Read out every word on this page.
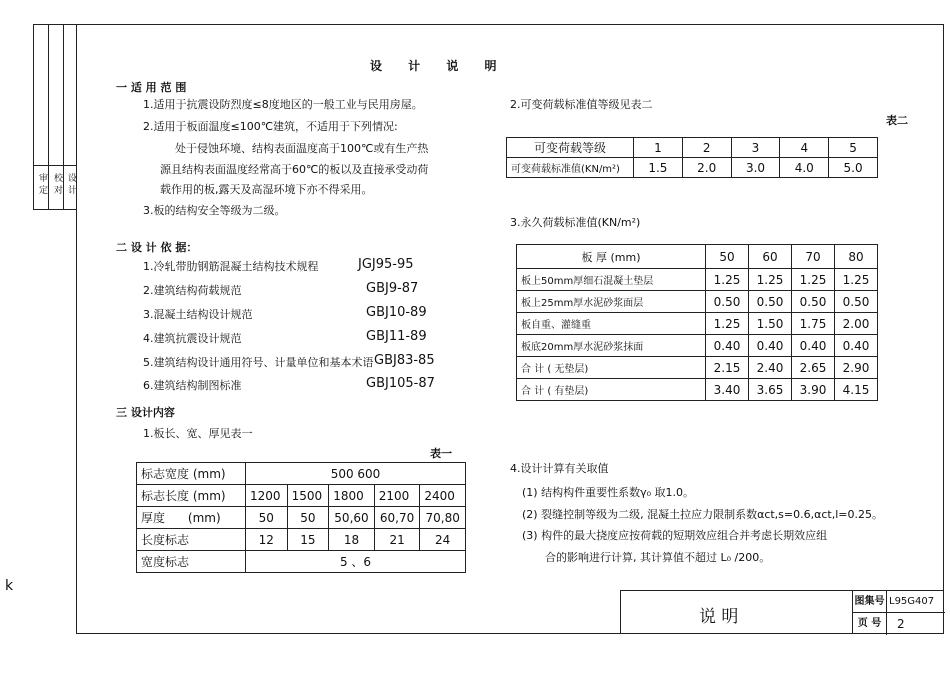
审 定 校 对 设 计
k
设 计 说 明
一 适 用 范 围
1.适用于抗震设防烈度≤8度地区的一般工业与民用房屋。
2.适用于板面温度≤100℃建筑，不适用于下列情况:
处于侵蚀环境、结构表面温度高于100℃或有生产热
源且结构表面温度经常高于60℃的板以及直接承受动荷
载作用的板,露天及高湿环境下亦不得采用。
3.板的结构安全等级为二级。
二 设 计 依 据：
1.冷轧带肋钢筋混凝土结构技术规程	JGJ95-95
2.建筑结构荷载规范	GBJ9-87
3.混凝土结构设计规范	GBJ10-89
4.建筑抗震设计规范	GBJ11-89
5.建筑结构设计通用符号、计量单位和基本术语 GBJ83-85
6.建筑结构制图标准	GBJ105-87
三 设计内容
1.板长、宽、厚见表一
表一
标志宽度 (mm)	500 600				
标志长度 (mm)	1200	1500	1800	2100	2400
厚度 (mm)	50	50	50,60	60,70	70,80
长度标志	12	15	18	21	24
宽度标志	5 、6				
2.可变荷载标准值等级见表二
表二
可变荷载等级	1	2	3	4	5
可变荷载标准值(KN/m²)	1.5	2.0	3.0	4.0	5.0
3.永久荷载标准值(KN/m²)
板 厚 (mm)	50	60	70	80
板上50mm厚细石混凝土垫层	1.25	1.25	1.25	1.25
板上25mm厚水泥砂浆面层	0.50	0.50	0.50	0.50
板自重、灌缝重	1.25	1.50	1.75	2.00
板底20mm厚水泥砂浆抹面	0.40	0.40	0.40	0.40
合 计 ( 无垫层)	2.15	2.40	2.65	2.90
合 计 ( 有垫层)	3.40	3.65	3.90	4.15
4.设计计算有关取值
(1) 结构构件重要性系数γ₀ 取1.0。
(2) 裂缝控制等级为二级, 混凝土拉应力限制系数αct,s=0.6,αct,l=0.25。
(3) 构件的最大挠度应按荷载的短期效应组合并考虑长期效应组
合的影响进行计算, 其计算值不超过 L₀ /200。
说 明
图集号 L95G407
页 号	2
